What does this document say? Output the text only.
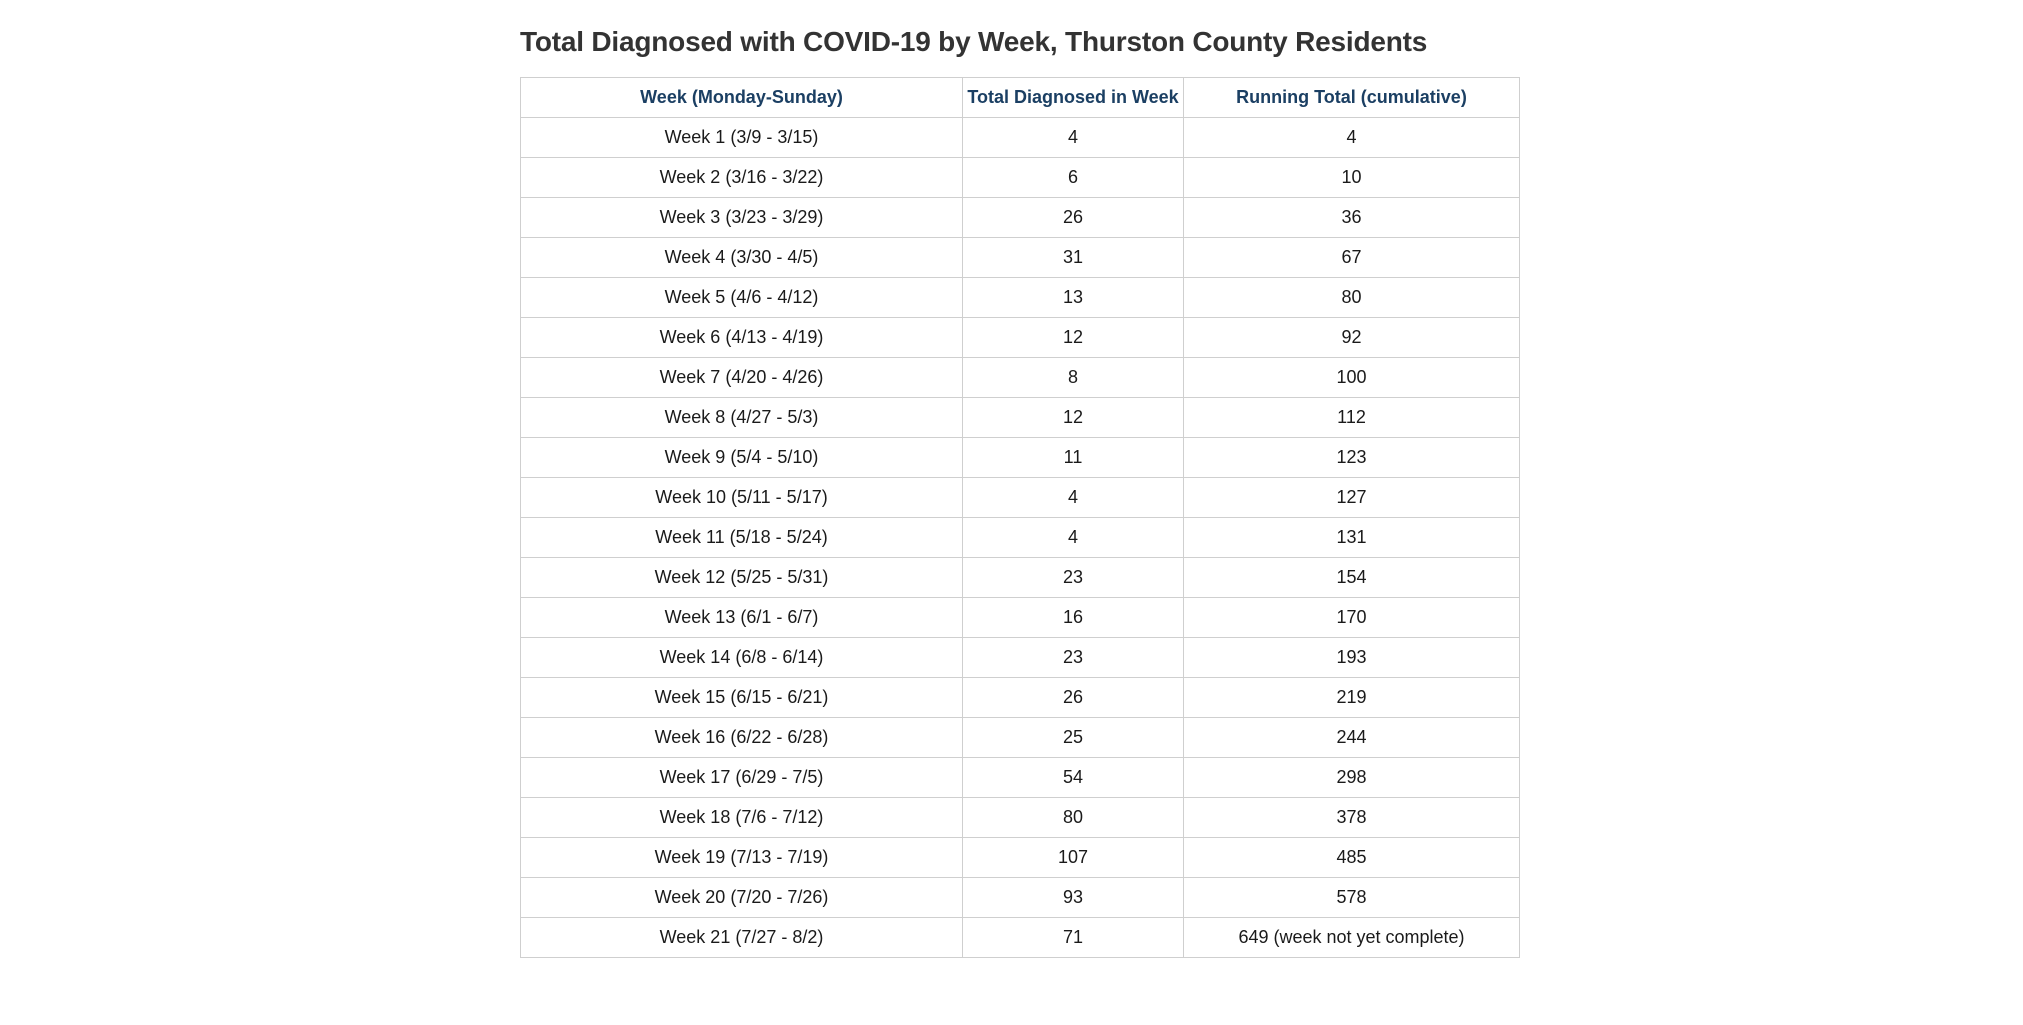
Total Diagnosed with COVID-19 by Week, Thurston County Residents
Week (Monday-Sunday)	Total Diagnosed in Week	Running Total (cumulative)
Week 1 (3/9 - 3/15)	4	4
Week 2 (3/16 - 3/22)	6	10
Week 3 (3/23 - 3/29)	26	36
Week 4 (3/30 - 4/5)	31	67
Week 5 (4/6 - 4/12)	13	80
Week 6 (4/13 - 4/19)	12	92
Week 7 (4/20 - 4/26)	8	100
Week 8 (4/27 - 5/3)	12	112
Week 9 (5/4 - 5/10)	11	123
Week 10 (5/11 - 5/17)	4	127
Week 11 (5/18 - 5/24)	4	131
Week 12 (5/25 - 5/31)	23	154
Week 13 (6/1 - 6/7)	16	170
Week 14 (6/8 - 6/14)	23	193
Week 15 (6/15 - 6/21)	26	219
Week 16 (6/22 - 6/28)	25	244
Week 17 (6/29 - 7/5)	54	298
Week 18 (7/6 - 7/12)	80	378
Week 19 (7/13 - 7/19)	107	485
Week 20 (7/20 - 7/26)	93	578
Week 21 (7/27 - 8/2)	71	649 (week not yet complete)
